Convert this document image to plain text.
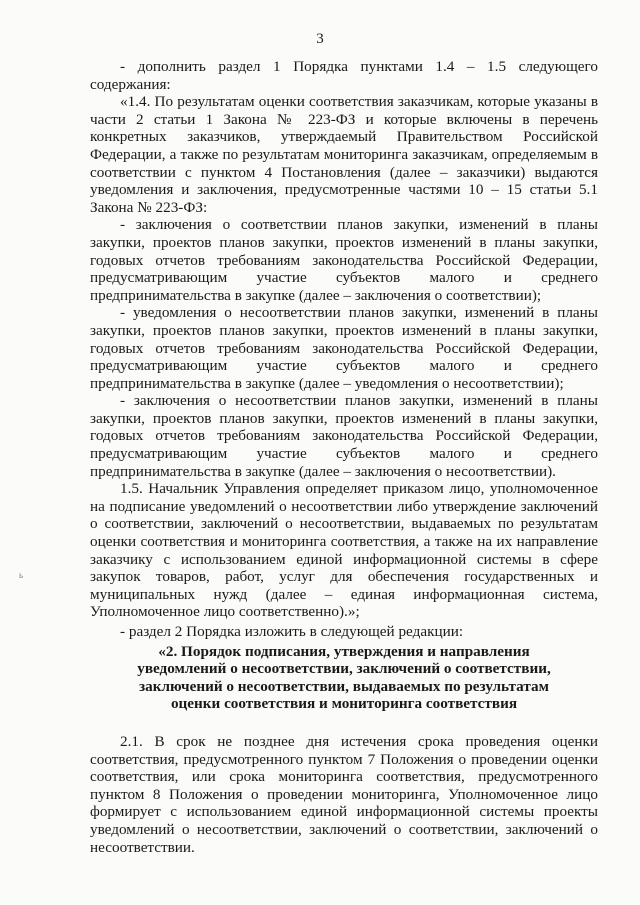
3

- дополнить раздел 1 Порядка пунктами 1.4 – 1.5 следующего содержания:

«1.4. По результатам оценки соответствия заказчикам, которые указаны в части 2 статьи 1 Закона № 223-ФЗ и которые включены в перечень конкретных заказчиков, утверждаемый Правительством Российской Федерации, а также по результатам мониторинга заказчикам, определяемым в соответствии с пунктом 4 Постановления (далее – заказчики) выдаются уведомления и заключения, предусмотренные частями 10 – 15 статьи 5.1 Закона № 223-ФЗ:

- заключения о соответствии планов закупки, изменений в планы закупки, проектов планов закупки, проектов изменений в планы закупки, годовых отчетов требованиям законодательства Российской Федерации, предусматривающим участие субъектов малого и среднего предпринимательства в закупке (далее – заключения о соответствии);

- уведомления о несоответствии планов закупки, изменений в планы закупки, проектов планов закупки, проектов изменений в планы закупки, годовых отчетов требованиям законодательства Российской Федерации, предусматривающим участие субъектов малого и среднего предпринимательства в закупке (далее – уведомления о несоответствии);

- заключения о несоответствии планов закупки, изменений в планы закупки, проектов планов закупки, проектов изменений в планы закупки, годовых отчетов требованиям законодательства Российской Федерации, предусматривающим участие субъектов малого и среднего предпринимательства в закупке (далее – заключения о несоответствии).

1.5. Начальник Управления определяет приказом лицо, уполномоченное на подписание уведомлений о несоответствии либо утверждение заключений о соответствии, заключений о несоответствии, выдаваемых по результатам оценки соответствия и мониторинга соответствия, а также на их направление заказчику с использованием единой информационной системы в сфере закупок товаров, работ, услуг для обеспечения государственных и муниципальных нужд (далее – единая информационная система, Уполномоченное лицо соответственно).»;

- раздел 2 Порядка изложить в следующей редакции:

«2. Порядок подписания, утверждения и направления уведомлений о несоответствии, заключений о соответствии, заключений о несоответствии, выдаваемых по результатам оценки соответствия и мониторинга соответствия

2.1. В срок не позднее дня истечения срока проведения оценки соответствия, предусмотренного пунктом 7 Положения о проведении оценки соответствия, или срока мониторинга соответствия, предусмотренного пунктом 8 Положения о проведении мониторинга, Уполномоченное лицо формирует с использованием единой информационной системы проекты уведомлений о несоответствии, заключений о соответствии, заключений о несоответствии.

ь
